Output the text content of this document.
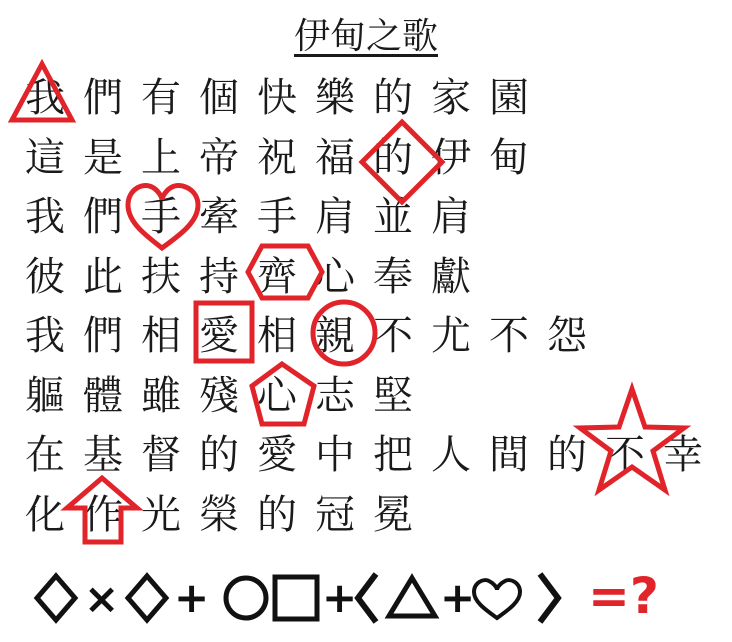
伊甸之歌
我 們 有 個 快 樂 的 家 園
這 是 上 帝 祝 福 的 伊 甸
我 們 手 牽 手 肩 並 肩
彼 此 扶 持 齊 心 奉 獻
我 們 相 愛 相 親 不 尤 不 怨
軀 體 雖 殘 心 志 堅
在 基 督 的 愛 中 把 人 間 的 不 幸
化 作 光 榮 的 冠 冕
× +	+ + =?
